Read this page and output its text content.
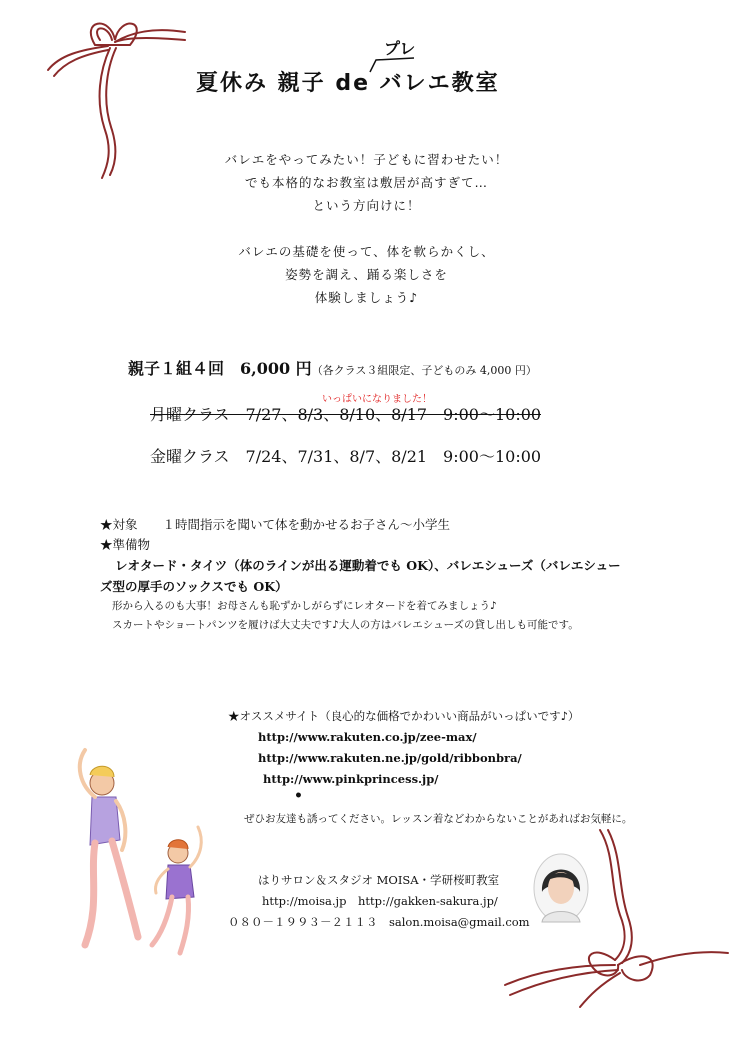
プレ
夏休み 親子 de バレエ教室
バレエをやってみたい！子どもに習わせたい！
でも本格的なお教室は敷居が高すぎて…
という方向けに！
バレエの基礎を使って、体を軟らかくし、
姿勢を調え、踊る楽しさを
体験しましょう♪
親子１組４回　6,000 円（各クラス３組限定、子どものみ 4,000 円）
いっぱいになりました！
月曜クラス　7/27、8/3、8/10、8/17　9:00〜10:00
金曜クラス　7/24、7/31、8/7、8/21　9:00〜10:00
★対象　　１時間指示を聞いて体を動かせるお子さん～小学生
★準備物
レオタード・タイツ（体のラインが出る運動着でも OK）、バレエシューズ（バレエシュー
ズ型の厚手のソックスでも OK）
形から入るのも大事！お母さんも恥ずかしがらずにレオタードを着てみましょう♪
スカートやショートパンツを履けば大丈夫です♪大人の方はバレエシューズの貸し出しも可能です。
★オススメサイト（良心的な価格でかわいい商品がいっぱいです♪）
http://www.rakuten.co.jp/zee-max/
http://www.rakuten.ne.jp/gold/ribbonbra/
http://www.pinkprincess.jp/
•
ぜひお友達も誘ってください。レッスン着などわからないことがあればお気軽に。
はりサロン＆スタジオ MOISA・学研桜町教室
http://moisa.jp　http://gakken-sakura.jp/
０８０－１９９３－２１１３　salon.moisa@gmail.com
